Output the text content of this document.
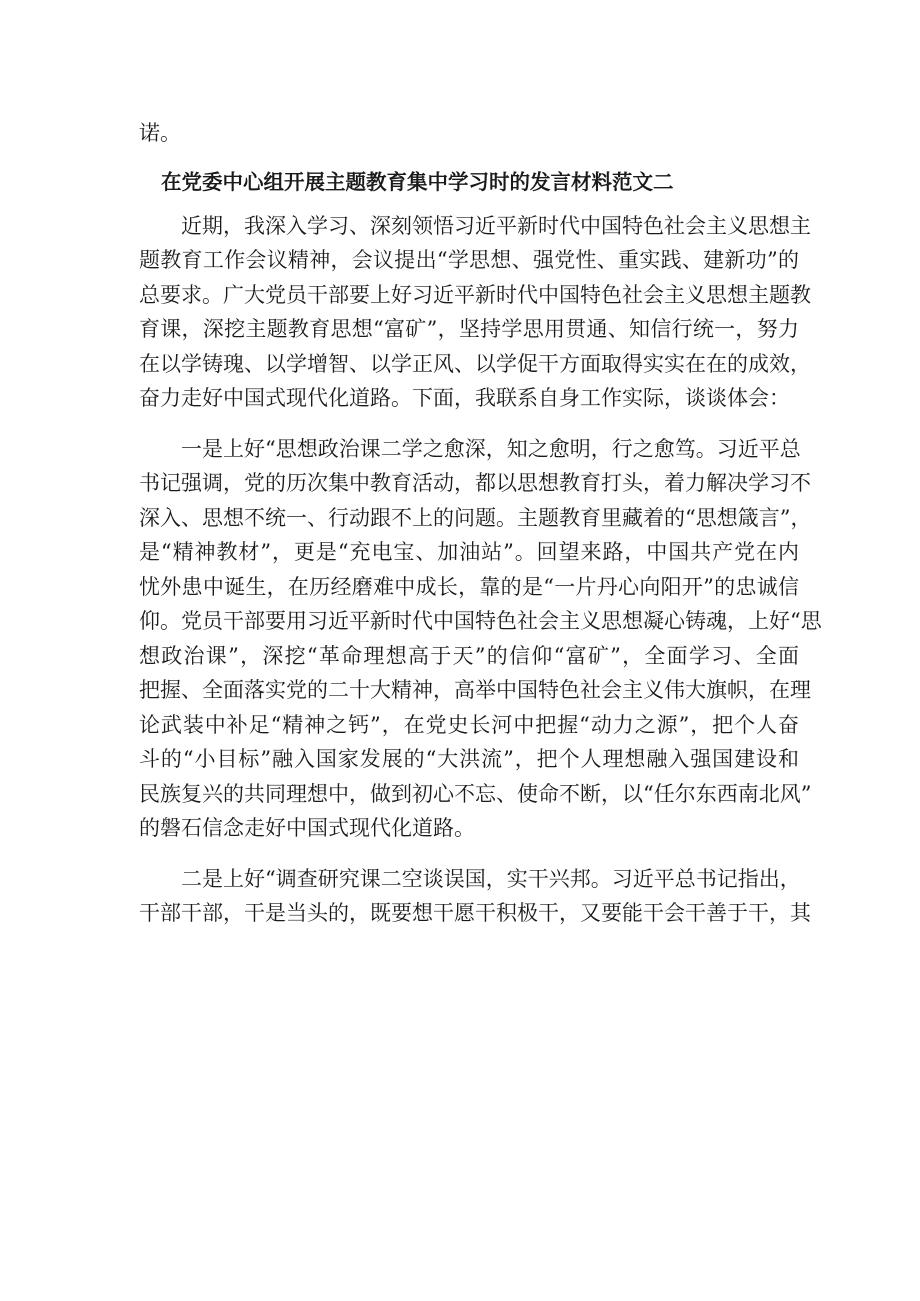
诺。
在党委中心组开展主题教育集中学习时的发言材料范文二
近期，我深入学习、深刻领悟习近平新时代中国特色社会主义思想主
题教育工作会议精神，会议提出“学思想、强党性、重实践、建新功”的
总要求。广大党员干部要上好习近平新时代中国特色社会主义思想主题教
育课，深挖主题教育思想“富矿”，坚持学思用贯通、知信行统一，努力
在以学铸瑰、以学增智、以学正风、以学促干方面取得实实在在的成效，
奋力走好中国式现代化道路。下面，我联系自身工作实际，谈谈体会：
一是上好“思想政治课二学之愈深，知之愈明，行之愈笃。习近平总
书记强调，党的历次集中教育活动，都以思想教育打头，着力解决学习不
深入、思想不统一、行动跟不上的问题。主题教育里藏着的“思想箴言”，
是“精神教材”，更是“充电宝、加油站”。回望来路，中国共产党在内
忧外患中诞生，在历经磨难中成长，靠的是“一片丹心向阳开”的忠诚信
仰。党员干部要用习近平新时代中国特色社会主义思想凝心铸魂，上好“思
想政治课”，深挖“革命理想高于天”的信仰“富矿”，全面学习、全面
把握、全面落实党的二十大精神，高举中国特色社会主义伟大旗帜，在理
论武装中补足“精神之钙”，在党史长河中把握“动力之源”，把个人奋
斗的“小目标”融入国家发展的“大洪流”，把个人理想融入强国建设和
民族复兴的共同理想中，做到初心不忘、使命不断，以“任尔东西南北风”
的磐石信念走好中国式现代化道路。
二是上好“调查研究课二空谈误国，实干兴邦。习近平总书记指出，
干部干部，干是当头的，既要想干愿干积极干，又要能干会干善于干，其
